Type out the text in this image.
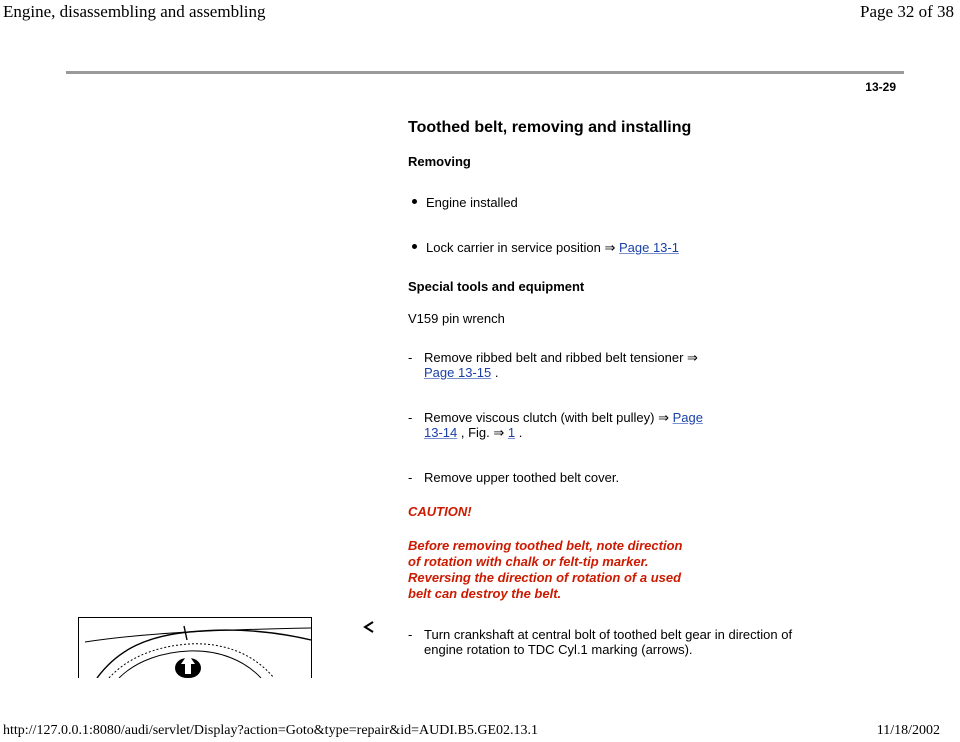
Engine, disassembling and assembling	Page 32 of 38
13-29
Toothed belt, removing and installing
Removing
Engine installed
Lock carrier in service position ⇒ Page 13-1
Special tools and equipment
V159 pin wrench
- Remove ribbed belt and ribbed belt tensioner ⇒
Page 13-15 .
- Remove viscous clutch (with belt pulley) ⇒ Page
13-14 , Fig. ⇒ 1 .
- Remove upper toothed belt cover.
CAUTION!
Before removing toothed belt, note direction
of rotation with chalk or felt-tip marker.
Reversing the direction of rotation of a used
belt can destroy the belt.
- Turn crankshaft at central bolt of toothed belt gear in direction of
engine rotation to TDC Cyl.1 marking (arrows).
http://127.0.0.1:8080/audi/servlet/Display?action=Goto&type=repair&id=AUDI.B5.GE02.13.1	11/18/2002
